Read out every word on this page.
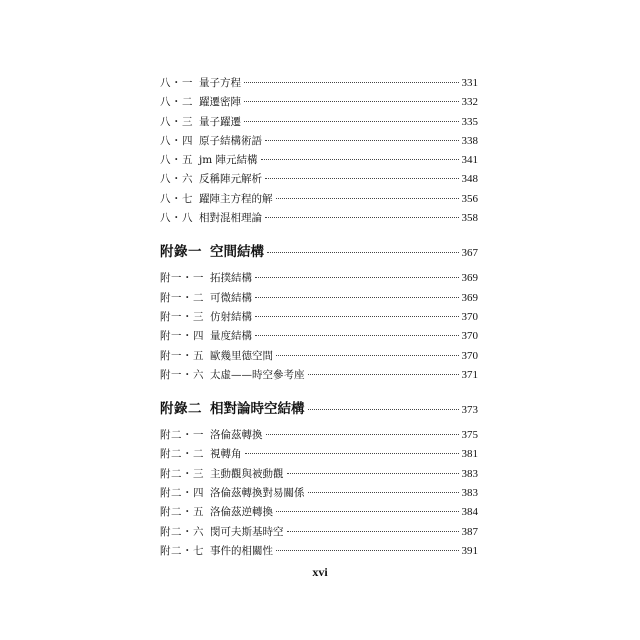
八・一 量子方程	331
八・二 躍遷密陣	332
八・三 量子躍遷	335
八・四 原子結構術語	338
八・五 jm 陣元結構	341
八・六 反稱陣元解析	348
八・七 躍陣主方程的解	356
八・八 相對混相理論	358
附錄一 空間結構	367
附一・一 拓撲結構	369
附一・二 可微結構	369
附一・三 仿射結構	370
附一・四 量度結構	370
附一・五 歐幾里德空間	370
附一・六 太虛——時空參考座	371
附錄二 相對論時空結構	373
附二・一 洛倫茲轉換	375
附二・二 視轉角	381
附二・三 主動觀與被動觀	383
附二・四 洛倫茲轉換對易關係	383
附二・五 洛倫茲逆轉換	384
附二・六 閔可夫斯基時空	387
附二・七 事件的相關性	391
xvi
